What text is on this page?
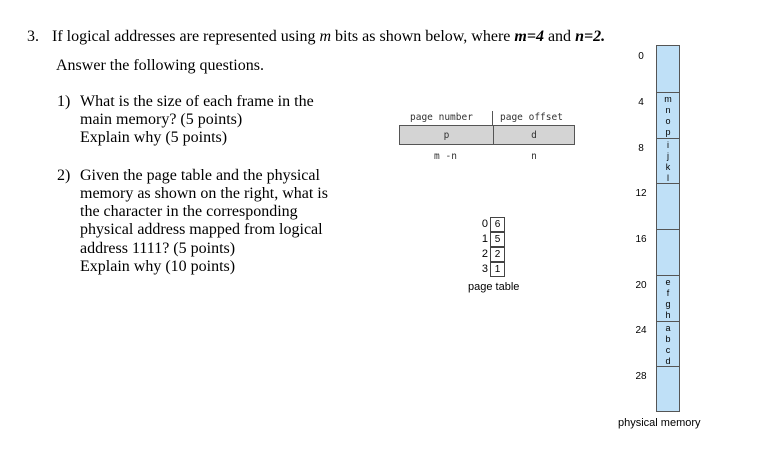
3. If logical addresses are represented using m bits as shown below, where m=4 and n=2.
Answer the following questions.
1) What is the size of each frame in the
main memory? (5 points)
Explain why (5 points)
2) Given the page table and the physical
memory as shown on the right, what is
the character in the corresponding
physical address mapped from logical
address 1111? (5 points)
Explain why (10 points)
page number	page offset
p	d
m -n	n
0 6
1 5
2 2
3 1
page table
0
4
8
12
16
20
24
28
m
n
o
p
i
j
k
l
e
f
g
h
a
b
c
d
physical memory
